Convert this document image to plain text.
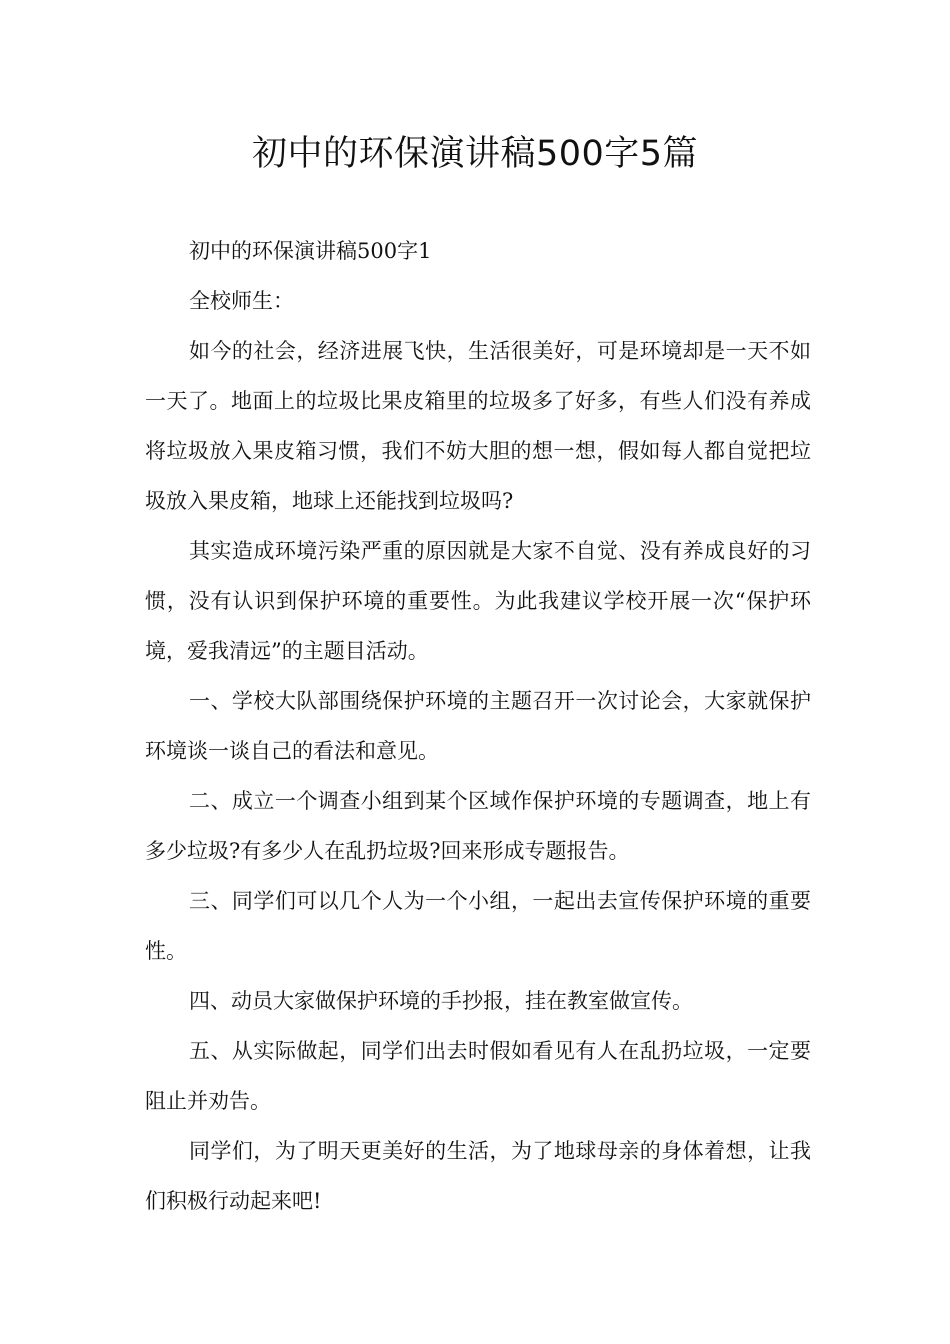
初中的环保演讲稿500字5篇

初中的环保演讲稿500字1

全校师生：

如今的社会，经济进展飞快，生活很美好，可是环境却是一天不如一天了。地面上的垃圾比果皮箱里的垃圾多了好多，有些人们没有养成将垃圾放入果皮箱习惯，我们不妨大胆的想一想，假如每人都自觉把垃圾放入果皮箱，地球上还能找到垃圾吗?

其实造成环境污染严重的原因就是大家不自觉、没有养成良好的习惯，没有认识到保护环境的重要性。为此我建议学校开展一次“保护环境，爱我清远”的主题目活动。

一、学校大队部围绕保护环境的主题召开一次讨论会，大家就保护环境谈一谈自己的看法和意见。

二、成立一个调查小组到某个区域作保护环境的专题调查，地上有多少垃圾?有多少人在乱扔垃圾?回来形成专题报告。

三、同学们可以几个人为一个小组，一起出去宣传保护环境的重要性。

四、动员大家做保护环境的手抄报，挂在教室做宣传。

五、从实际做起，同学们出去时假如看见有人在乱扔垃圾，一定要阻止并劝告。

同学们，为了明天更美好的生活，为了地球母亲的身体着想，让我们积极行动起来吧!
